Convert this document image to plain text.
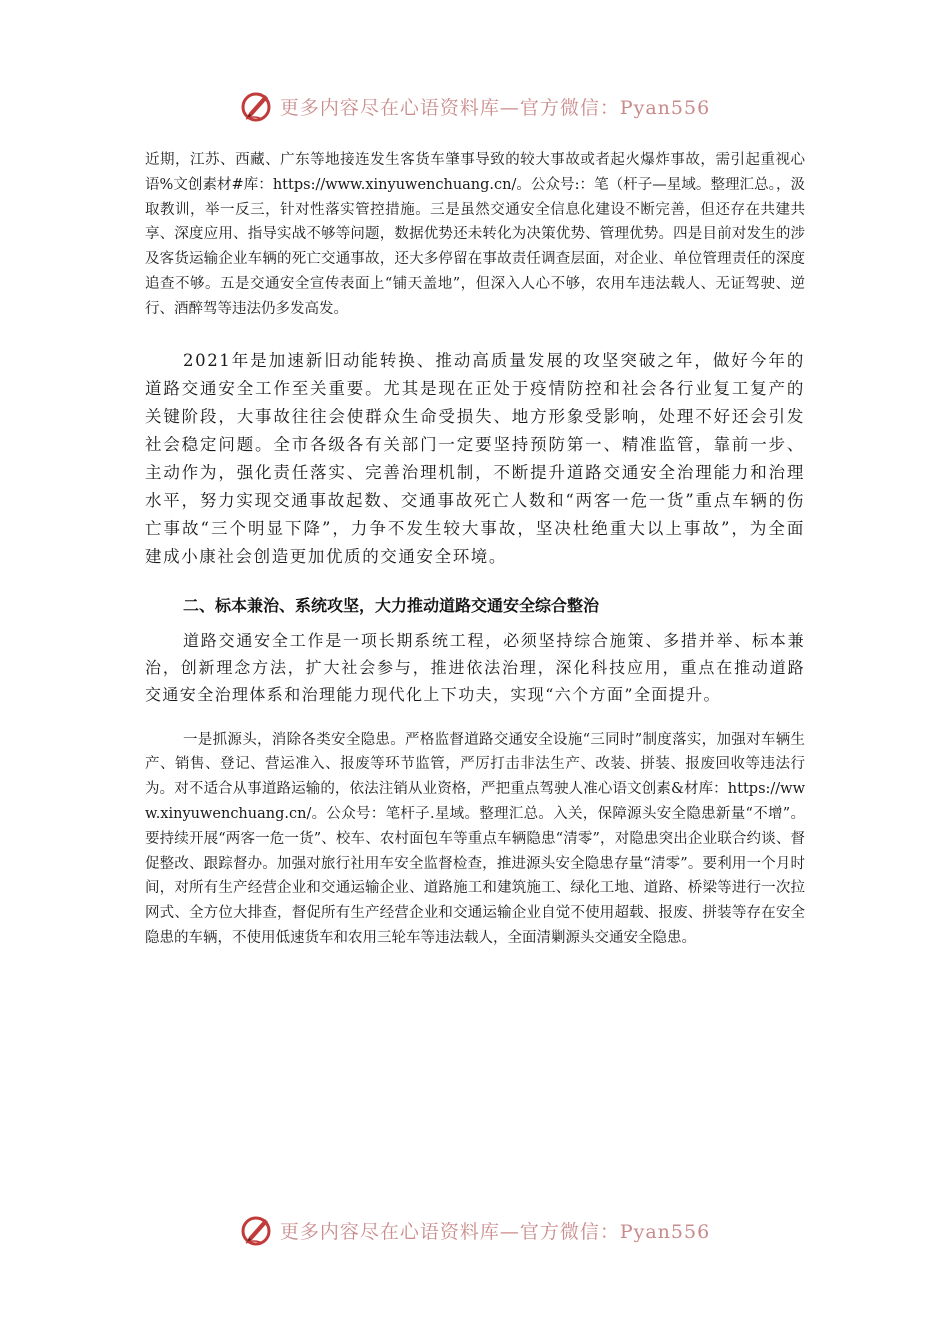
更多内容尽在心语资料库—官方微信：Pyan556

近期，江苏、西藏、广东等地接连发生客货车肇事导致的较大事故或者起火爆炸事故，需引起重视心语%文创素材#库：https://www.xinyuwenchuang.cn/。公众号:：笔（杆子—星域。整理汇总。，汲取教训，举一反三，针对性落实管控措施。三是虽然交通安全信息化建设不断完善，但还存在共建共享、深度应用、指导实战不够等问题，数据优势还未转化为决策优势、管理优势。四是目前对发生的涉及客货运输企业车辆的死亡交通事故，还大多停留在事故责任调查层面，对企业、单位管理责任的深度追查不够。五是交通安全宣传表面上“铺天盖地”，但深入人心不够，农用车违法载人、无证驾驶、逆行、酒醉驾等违法仍多发高发。

2021年是加速新旧动能转换、推动高质量发展的攻坚突破之年，做好今年的道路交通安全工作至关重要。尤其是现在正处于疫情防控和社会各行业复工复产的关键阶段，大事故往往会使群众生命受损失、地方形象受影响，处理不好还会引发社会稳定问题。全市各级各有关部门一定要坚持预防第一、精准监管，靠前一步、主动作为，强化责任落实、完善治理机制，不断提升道路交通安全治理能力和治理水平，努力实现交通事故起数、交通事故死亡人数和“两客一危一货”重点车辆的伤亡事故“三个明显下降”，力争不发生较大事故，坚决杜绝重大以上事故”，为全面建成小康社会创造更加优质的交通安全环境。

二、标本兼治、系统攻坚，大力推动道路交通安全综合整治

道路交通安全工作是一项长期系统工程，必须坚持综合施策、多措并举、标本兼治，创新理念方法，扩大社会参与，推进依法治理，深化科技应用，重点在推动道路交通安全治理体系和治理能力现代化上下功夫，实现“六个方面”全面提升。

一是抓源头，消除各类安全隐患。严格监督道路交通安全设施“三同时”制度落实，加强对车辆生产、销售、登记、营运准入、报废等环节监管，严厉打击非法生产、改装、拼装、报废回收等违法行为。对不适合从事道路运输的，依法注销从业资格，严把重点驾驶人准心语文创素&材库：https://www.xinyuwenchuang.cn/。公众号：笔杆子.星域。整理汇总。入关，保障源头安全隐患新量“不增”。要持续开展“两客一危一货”、校车、农村面包车等重点车辆隐患“清零”，对隐患突出企业联合约谈、督促整改、跟踪督办。加强对旅行社用车安全监督检查，推进源头安全隐患存量“清零”。要利用一个月时间，对所有生产经营企业和交通运输企业、道路施工和建筑施工、绿化工地、道路、桥梁等进行一次拉网式、全方位大排查，督促所有生产经营企业和交通运输企业自觉不使用超载、报废、拼装等存在安全隐患的车辆，不使用低速货车和农用三轮车等违法载人，全面清剿源头交通安全隐患。

更多内容尽在心语资料库—官方微信：Pyan556
